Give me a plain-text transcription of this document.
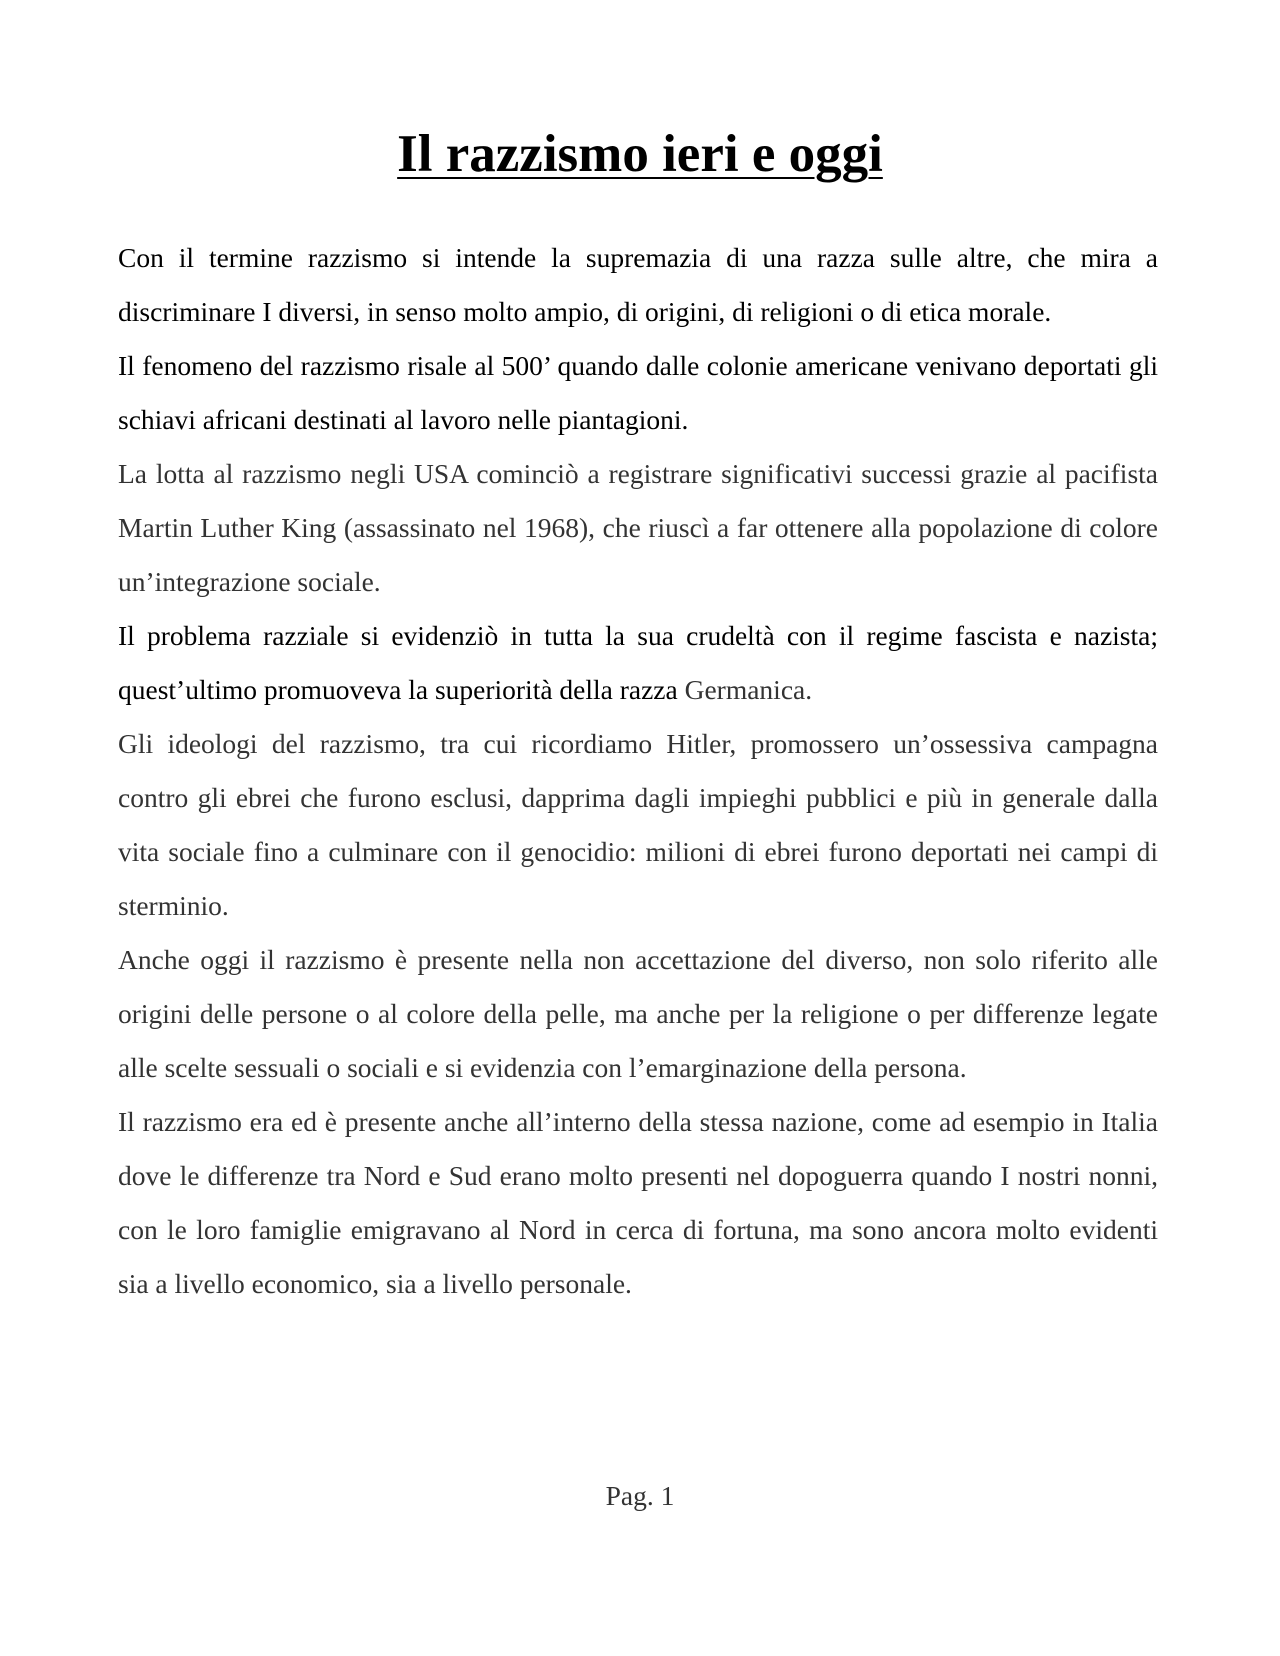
Il razzismo ieri e oggi

Con il termine razzismo si intende la supremazia di una razza sulle altre, che mira a discriminare I diversi, in senso molto ampio, di origini, di religioni o di etica morale.

Il fenomeno del razzismo risale al 500’ quando dalle colonie americane venivano deportati gli schiavi africani destinati al lavoro nelle piantagioni.

La lotta al razzismo negli USA cominciò a registrare significativi successi grazie al pacifista Martin Luther King (assassinato nel 1968), che riuscì a far ottenere alla popolazione di colore un’integrazione sociale.

Il problema razziale si evidenziò in tutta la sua crudeltà con il regime fascista e nazista; quest’ultimo promuoveva la superiorità della razza Germanica.

Gli ideologi del razzismo, tra cui ricordiamo Hitler, promossero un’ossessiva campagna contro gli ebrei che furono esclusi, dapprima dagli impieghi pubblici e più in generale dalla vita sociale fino a culminare con il genocidio: milioni di ebrei furono deportati nei campi di sterminio.

Anche oggi il razzismo è presente nella non accettazione del diverso, non solo riferito alle origini delle persone o al colore della pelle, ma anche per la religione o per differenze legate alle scelte sessuali o sociali e si evidenzia con l’emarginazione della persona.

Il razzismo era ed è presente anche all’interno della stessa nazione, come ad esempio in Italia dove le differenze tra Nord e Sud erano molto presenti nel dopoguerra quando I nostri nonni, con le loro famiglie emigravano al Nord in cerca di fortuna, ma sono ancora molto evidenti sia a livello economico, sia a livello personale.

Pag. 1
